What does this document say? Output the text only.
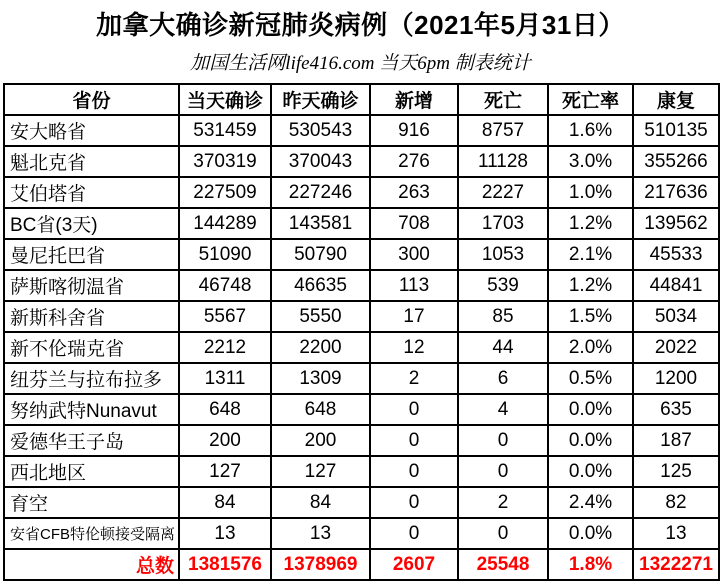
加拿大确诊新冠肺炎病例（2021年5月31日）
加国生活网life416.com 当天6pm 制表统计
省份	当天确诊	昨天确诊	新增	死亡	死亡率	康复
安大略省	531459	530543	916	8757	1.6%	510135
魁北克省	370319	370043	276	11128	3.0%	355266
艾伯塔省	227509	227246	263	2227	1.0%	217636
BC省(3天)	144289	143581	708	1703	1.2%	139562
曼尼托巴省	51090	50790	300	1053	2.1%	45533
萨斯喀彻温省	46748	46635	113	539	1.2%	44841
新斯科舍省	5567	5550	17	85	1.5%	5034
新不伦瑞克省	2212	2200	12	44	2.0%	2022
纽芬兰与拉布拉多	1311	1309	2	6	0.5%	1200
努纳武特Nunavut	648	648	0	4	0.0%	635
爱德华王子岛	200	200	0	0	0.0%	187
西北地区	127	127	0	0	0.0%	125
育空	84	84	0	2	2.4%	82
安省CFB特伦顿接受隔离	13	13	0	0	0.0%	13
总数	1381576	1378969	2607	25548	1.8%	1322271
